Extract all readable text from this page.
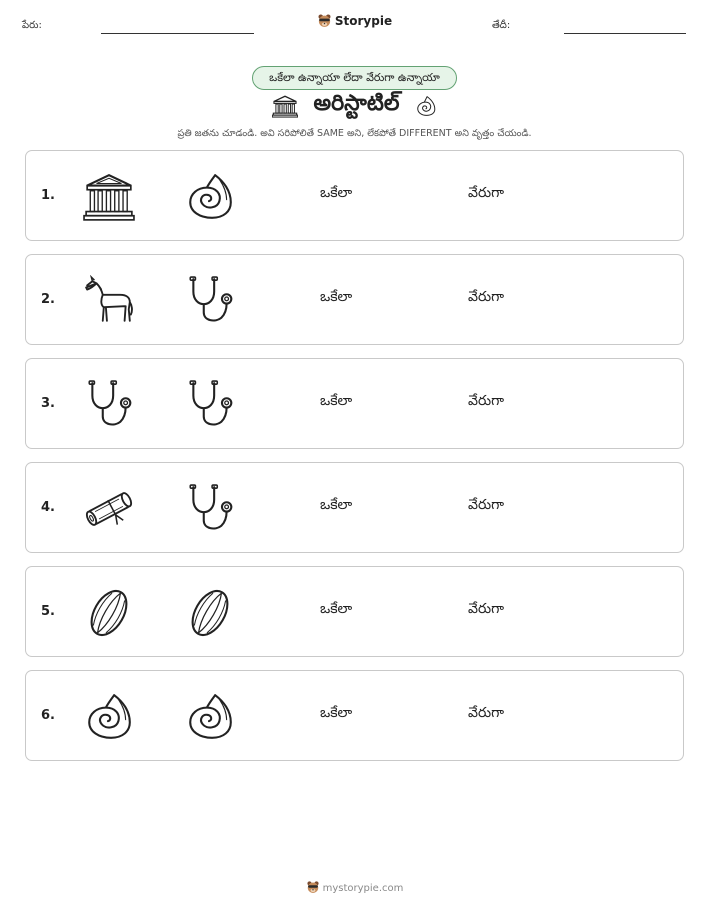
పేరు:	Storypie	తేదీ:
ఒకేలా ఉన్నాయా లేదా వేరుగా ఉన్నాయా
అరిస్టాటిల్
ప్రతి జతను చూడండి. అవి సరిపోలితే SAME అని, లేకపోతే DIFFERENT అని వృత్తం చేయండి.
1.	ఒకేలా	వేరుగా
2.	ఒకేలా	వేరుగా
3.	ఒకేలా	వేరుగా
4.	ఒకేలా	వేరుగా
5.	ఒకేలా	వేరుగా
6.	ఒకేలా	వేరుగా
mystorypie.com
